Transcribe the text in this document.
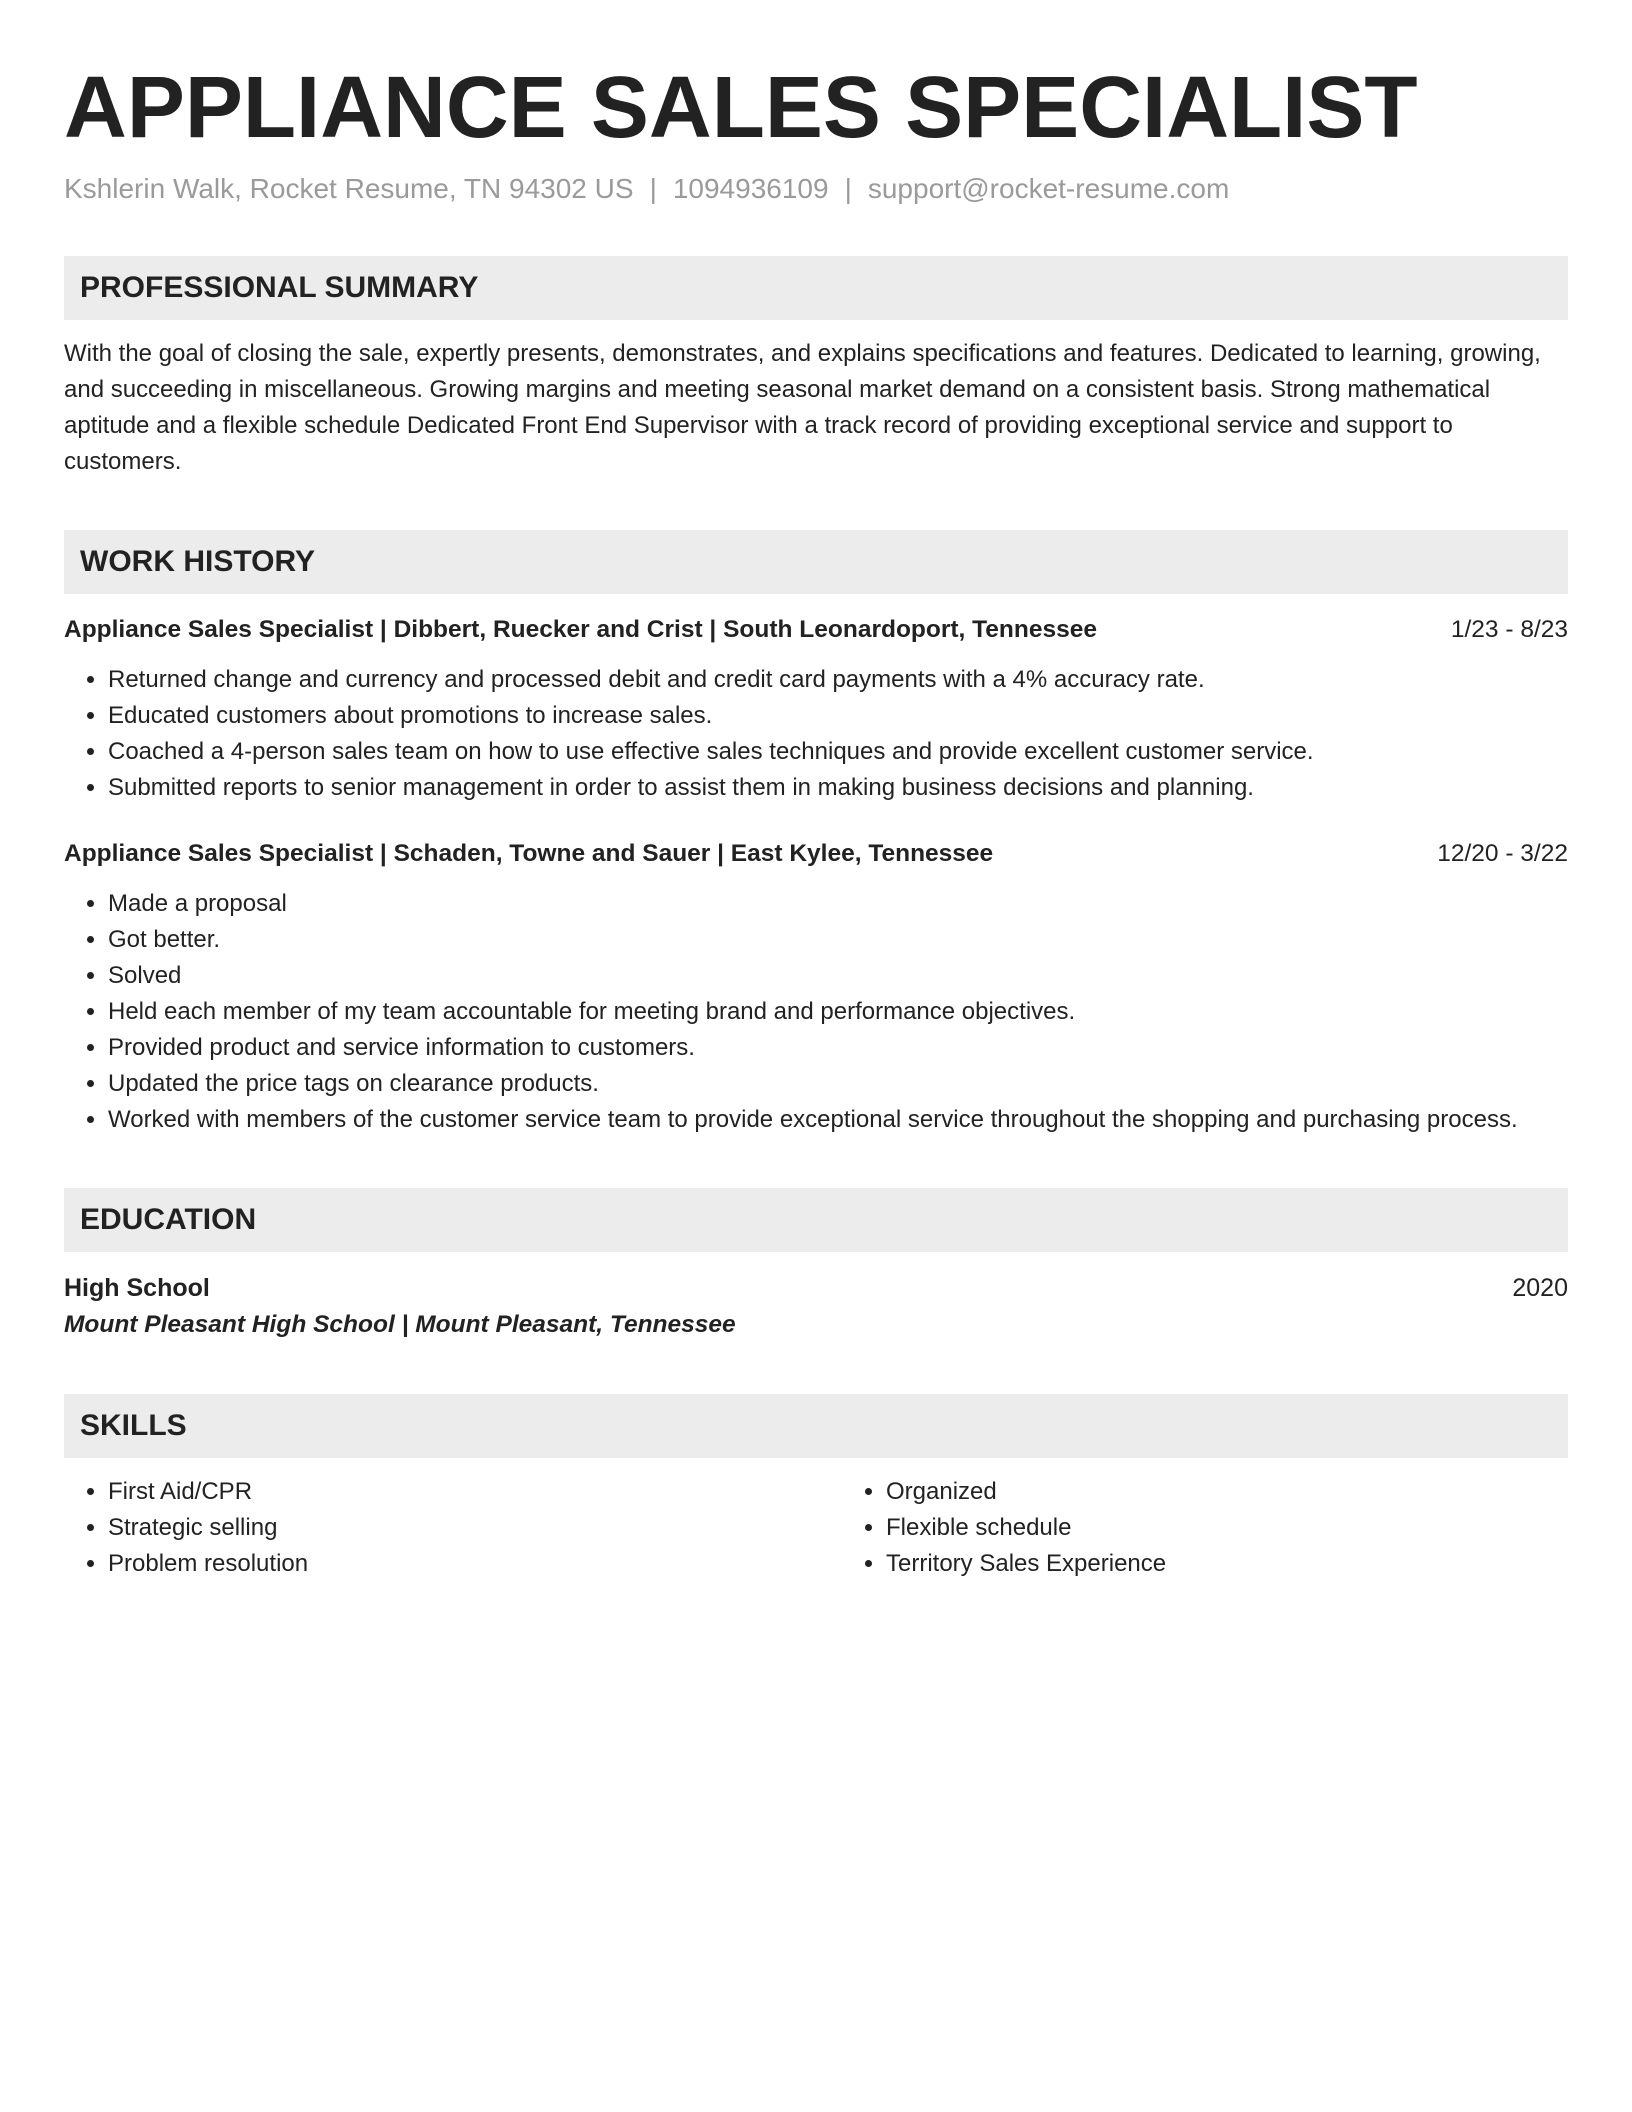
APPLIANCE SALES SPECIALIST
Kshlerin Walk, Rocket Resume, TN 94302 US | 1094936109 | support@rocket-resume.com
PROFESSIONAL SUMMARY
With the goal of closing the sale, expertly presents, demonstrates, and explains specifications and features. Dedicated to learning, growing, and succeeding in miscellaneous. Growing margins and meeting seasonal market demand on a consistent basis. Strong mathematical aptitude and a flexible schedule Dedicated Front End Supervisor with a track record of providing exceptional service and support to customers.
WORK HISTORY
Appliance Sales Specialist | Dibbert, Ruecker and Crist | South Leonardoport, Tennessee	1/23 - 8/23
• Returned change and currency and processed debit and credit card payments with a 4% accuracy rate.
• Educated customers about promotions to increase sales.
• Coached a 4-person sales team on how to use effective sales techniques and provide excellent customer service.
• Submitted reports to senior management in order to assist them in making business decisions and planning.
Appliance Sales Specialist | Schaden, Towne and Sauer | East Kylee, Tennessee	12/20 - 3/22
• Made a proposal
• Got better.
• Solved
• Held each member of my team accountable for meeting brand and performance objectives.
• Provided product and service information to customers.
• Updated the price tags on clearance products.
• Worked with members of the customer service team to provide exceptional service throughout the shopping and purchasing process.
EDUCATION
High School	2020
Mount Pleasant High School | Mount Pleasant, Tennessee
SKILLS
• First Aid/CPR
• Strategic selling
• Problem resolution
• Organized
• Flexible schedule
• Territory Sales Experience
